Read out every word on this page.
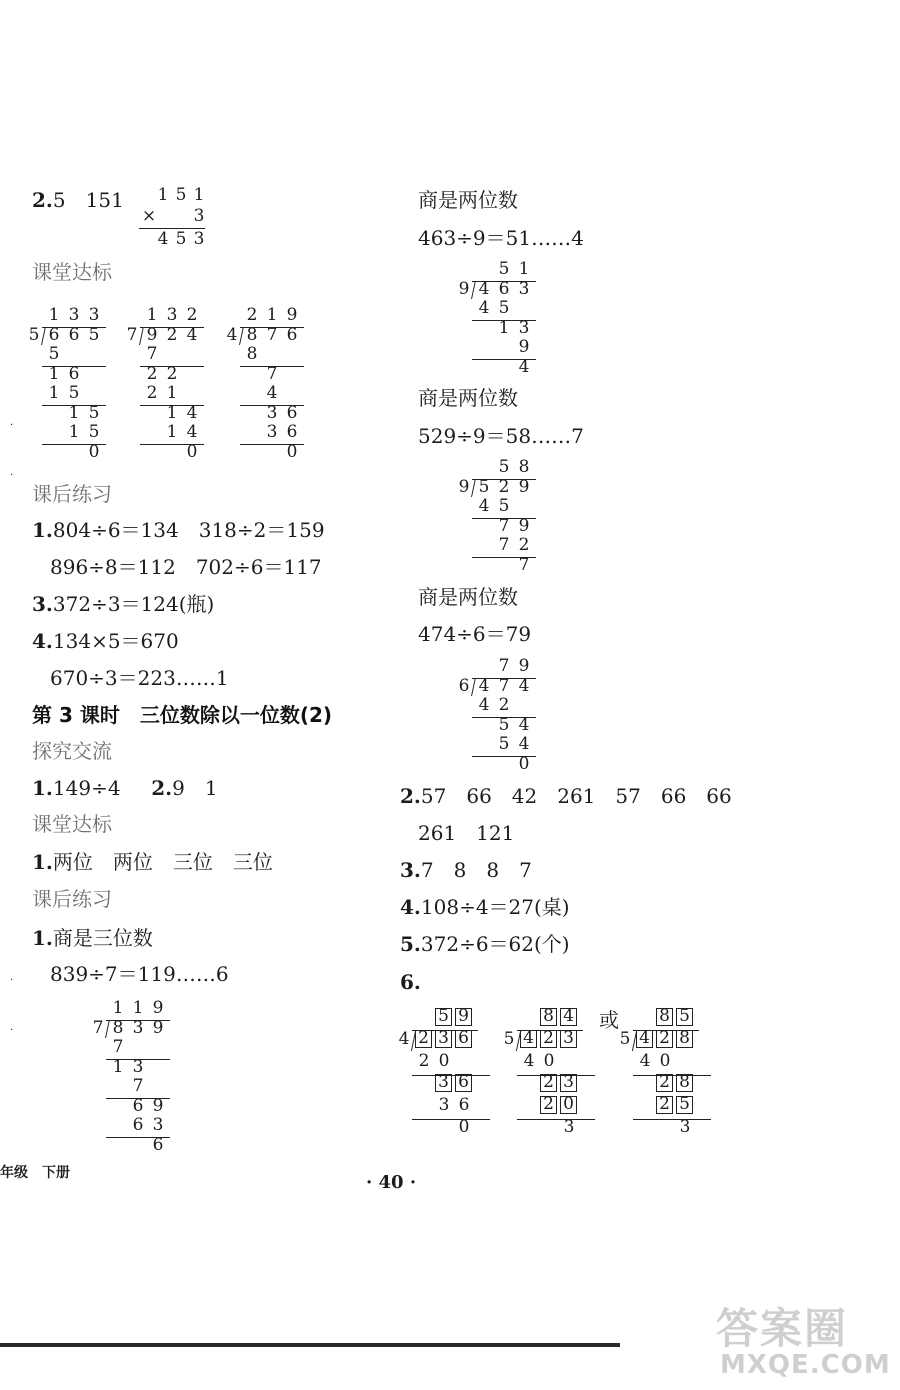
2.5　151 1 5 1
× 3
4 5 3
课堂达标
1 3 3
5 6 6 5
5
1 6
1 5
1 5
1 5
0
1 3 2
7 9 2 4
7
2 2
2 1
1 4
1 4
0
2 1 9
4 8 7 6
8
7
4
3 6
3 6
0
·
·
课后练习
1.804÷6＝134　318÷2＝159
896÷8＝112　702÷6＝117
3.372÷3＝124(瓶)
4.134×5＝670
670÷3＝223……1
第 3 课时　三位数除以一位数(2)
探究交流
1.149÷4 2.9　1
课堂达标
1.两位　两位　三位　三位
课后练习
1.商是三位数
839÷7＝119……6
1 1 9
7 8 3 9
7
1 3
7
6 9
6 3
6
·
·
商是两位数
463÷9＝51……4
5 1
9 4 6 3
4 5
1 3
9
4
商是两位数
529÷9＝58……7
5 8
9 5 2 9
4 5
7 9
7 2
7
商是两位数
474÷6＝79
7 9
6 4 7 4
4 2
5 4
5 4
0
2.57　66　42　261　57　66　66
261　121
3.7　8　8　7
4.108÷4＝27(桌)
5.372÷6＝62(个)
6.
5 9
4 2 3 6
2 0
3 6
3 6
0
8 4
5 4 2 3
4 0
2 3
2 0
3
8 5
5 4 2 8
4 0
2 8
2 5
3
或
年级　下册	· 40 ·
答案圈
MXQE.COM
